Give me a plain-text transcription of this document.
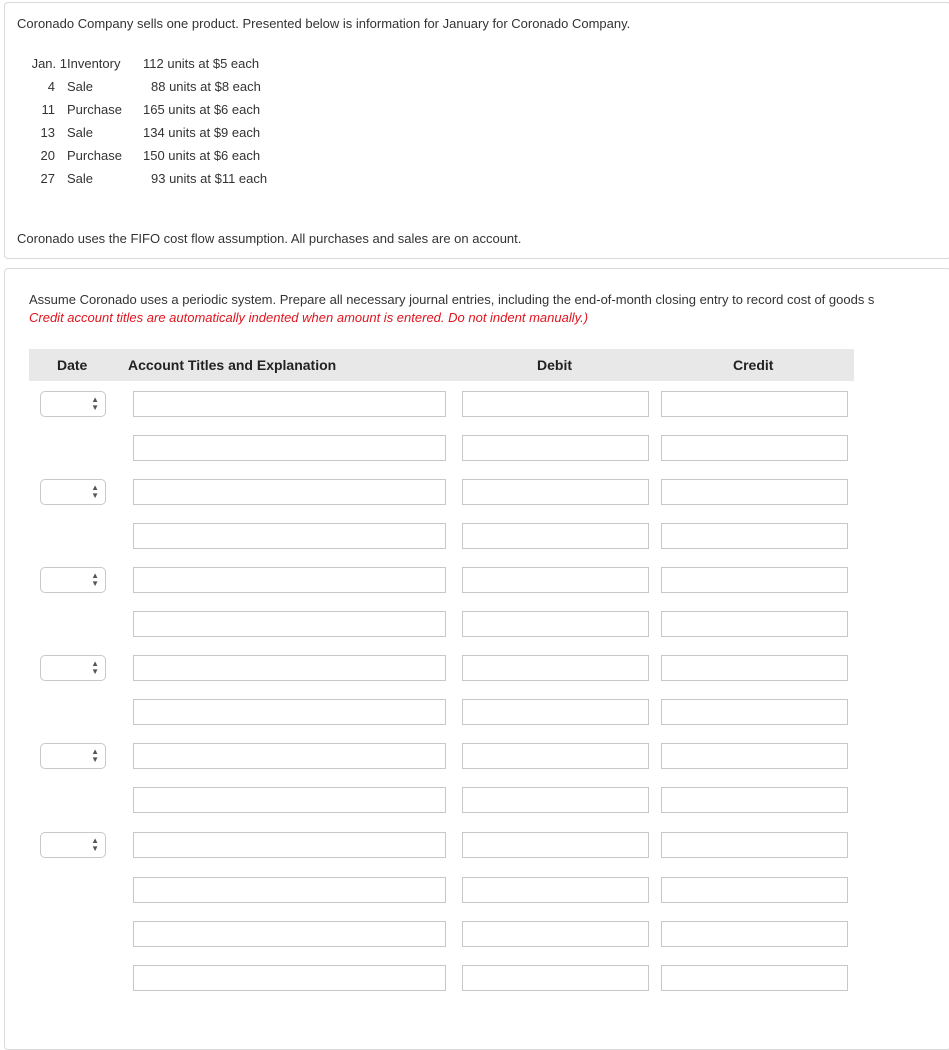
Coronado Company sells one product. Presented below is information for January for Coronado Company.
Jan. 1 Inventory 112 units at $5 each
4 Sale	88 units at $8 each
11 Purchase 165 units at $6 each
13 Sale	134 units at $9 each
20 Purchase 150 units at $6 each
27 Sale	93 units at $11 each
Coronado uses the FIFO cost flow assumption. All purchases and sales are on account.
Assume Coronado uses a periodic system. Prepare all necessary journal entries, including the end-of-month closing entry to record cost of goods s
Credit account titles are automatically indented when amount is entered. Do not indent manually.)
Date	Account Titles and Explanation	Debit	Credit
▲
▼
▲
▼
▲
▼
▲
▼
▲
▼
▲
▼
